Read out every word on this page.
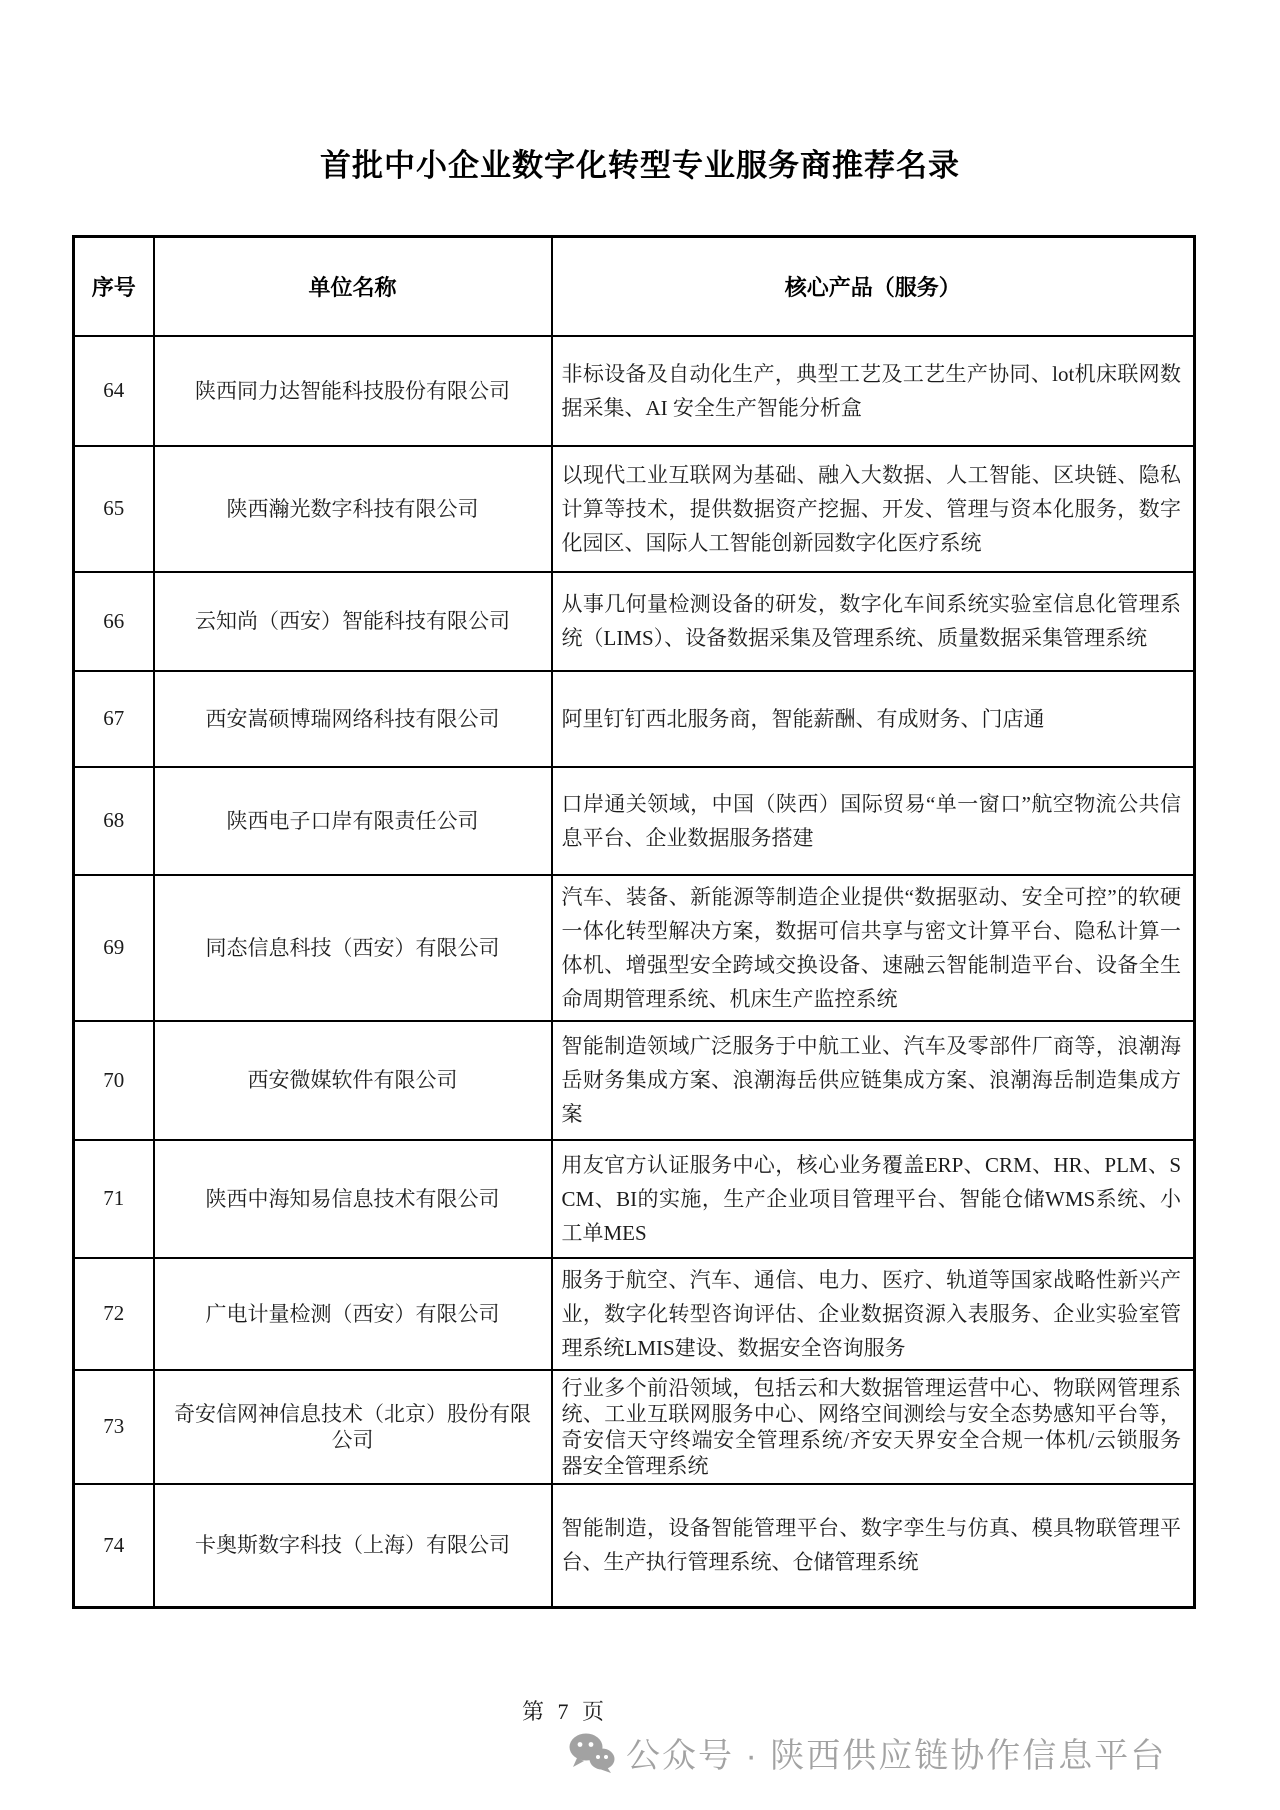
首批中小企业数字化转型专业服务商推荐名录
序号	单位名称	核心产品（服务）
64	陕西同力达智能科技股份有限公司	非标设备及自动化生产，典型工艺及工艺生产协同、lot机床联网数据采集、AI 安全生产智能分析盒
65	陕西瀚光数字科技有限公司	以现代工业互联网为基础、融入大数据、人工智能、区块链、隐私计算等技术，提供数据资产挖掘、开发、管理与资本化服务，数字化园区、国际人工智能创新园数字化医疗系统
66	云知尚（西安）智能科技有限公司	从事几何量检测设备的研发，数字化车间系统实验室信息化管理系统（LIMS）、设备数据采集及管理系统、质量数据采集管理系统
67	西安嵩硕博瑞网络科技有限公司	阿里钉钉西北服务商，智能薪酬、有成财务、门店通
68	陕西电子口岸有限责任公司	口岸通关领域，中国（陕西）国际贸易“单一窗口”航空物流公共信息平台、企业数据服务搭建
69	同态信息科技（西安）有限公司	汽车、装备、新能源等制造企业提供“数据驱动、安全可控”的软硬一体化转型解决方案，数据可信共享与密文计算平台、隐私计算一体机、增强型安全跨域交换设备、速融云智能制造平台、设备全生命周期管理系统、机床生产监控系统
70	西安微媒软件有限公司	智能制造领域广泛服务于中航工业、汽车及零部件厂商等，浪潮海岳财务集成方案、浪潮海岳供应链集成方案、浪潮海岳制造集成方案
71	陕西中海知易信息技术有限公司	用友官方认证服务中心，核心业务覆盖ERP、CRM、HR、PLM、SCM、BI的实施，生产企业项目管理平台、智能仓储WMS系统、小工单MES
72	广电计量检测（西安）有限公司	服务于航空、汽车、通信、电力、医疗、轨道等国家战略性新兴产业，数字化转型咨询评估、企业数据资源入表服务、企业实验室管理系统LMIS建设、数据安全咨询服务
73	奇安信网神信息技术（北京）股份有限公司	行业多个前沿领域，包括云和大数据管理运营中心、物联网管理系统、工业互联网服务中心、网络空间测绘与安全态势感知平台等，奇安信天守终端安全管理系统/齐安天界安全合规一体机/云锁服务器安全管理系统
74	卡奥斯数字科技（上海）有限公司	智能制造，设备智能管理平台、数字孪生与仿真、模具物联管理平台、生产执行管理系统、仓储管理系统
第 7 页
公众号 · 陕西供应链协作信息平台
